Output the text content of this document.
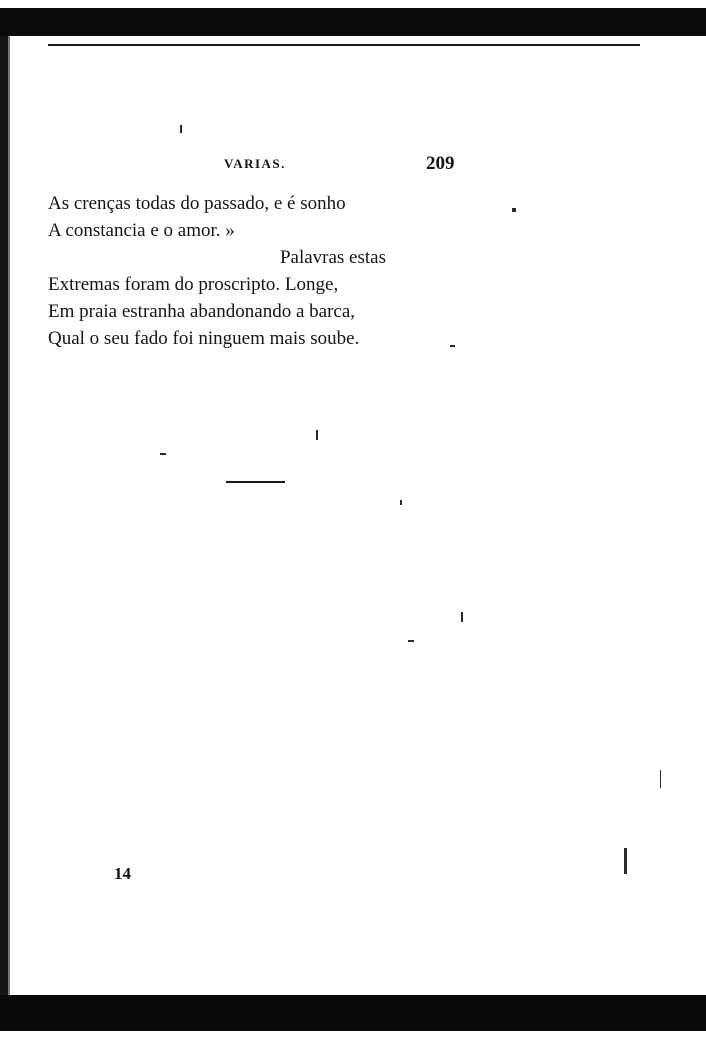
VARIAS.	209
As crenças todas do passado, e é sonho
A constancia e o amor. »
Palavras estas
Extremas foram do proscripto. Longe,
Em praia estranha abandonando a barca,
Qual o seu fado foi ninguem mais soube.
14
